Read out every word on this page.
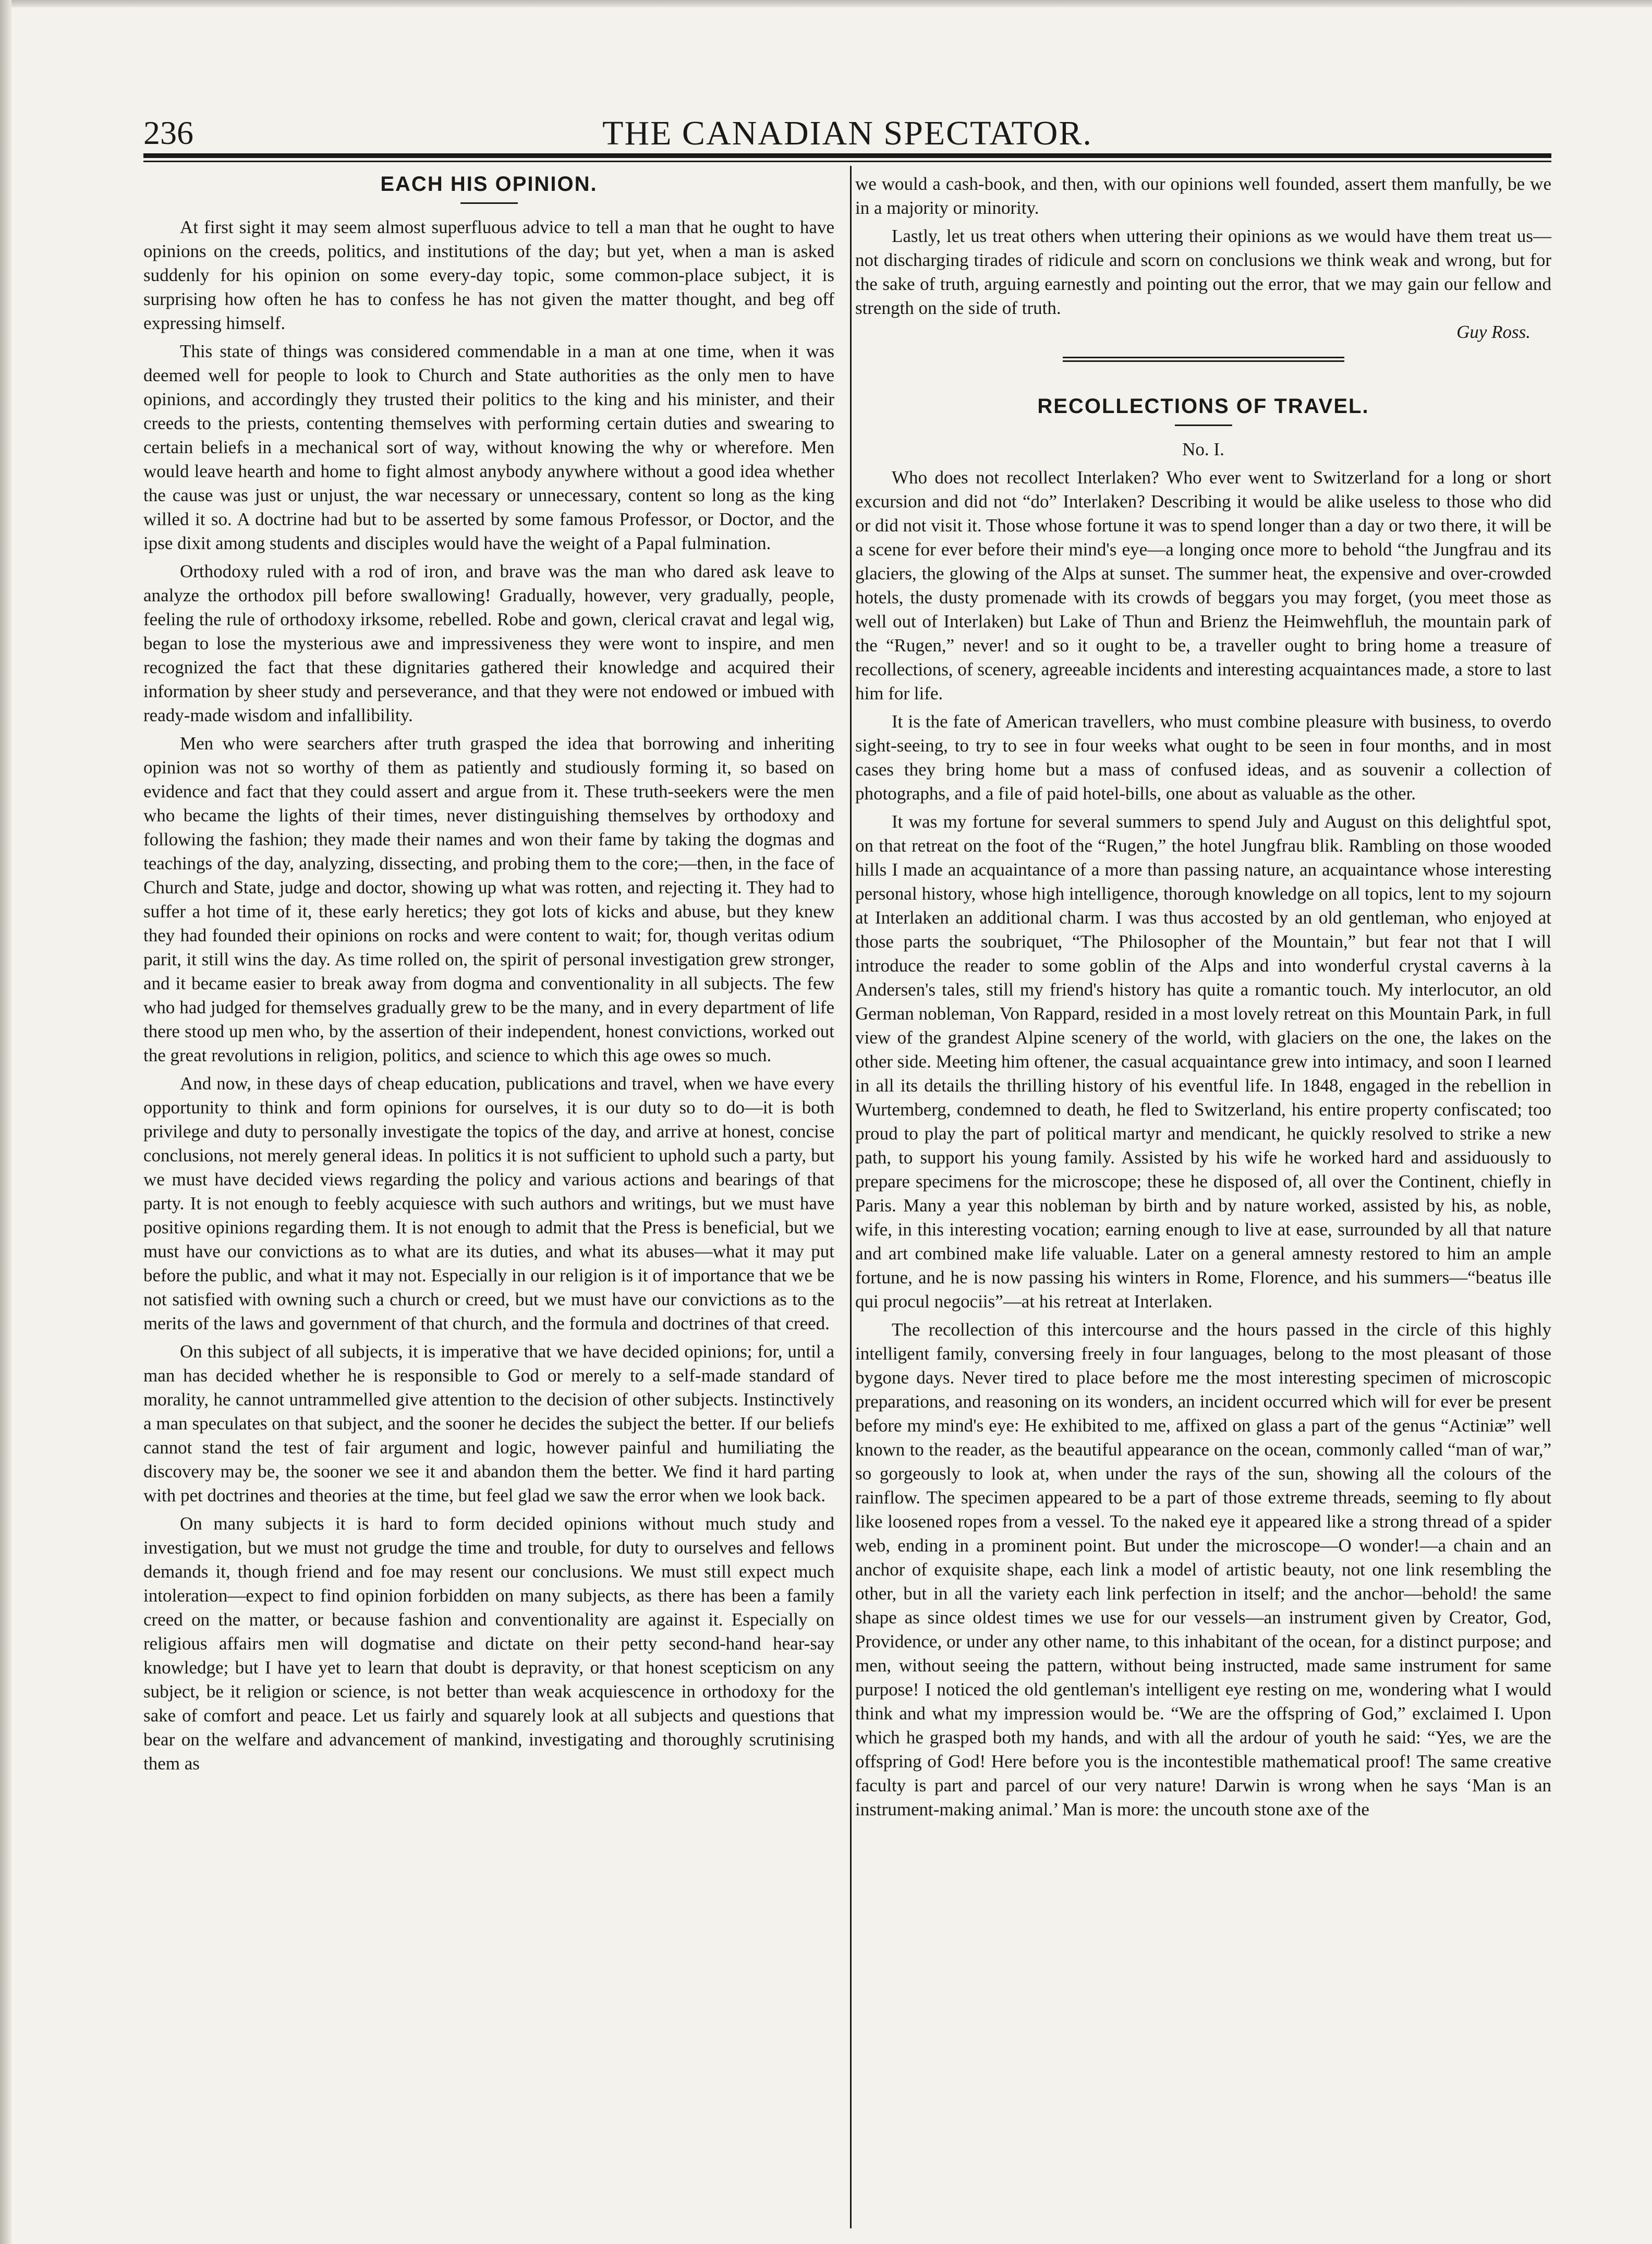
THE CANADIAN SPECTATOR.
236
EACH HIS OPINION.

At first sight it may seem almost superfluous advice to tell a man that he ought to have opinions on the creeds, politics, and institutions of the day; but yet, when a man is asked suddenly for his opinion on some every-day topic, some common-place subject, it is surprising how often he has to confess he has not given the matter thought, and beg off expressing himself.

This state of things was considered commendable in a man at one time, when it was deemed well for people to look to Church and State authorities as the only men to have opinions, and accordingly they trusted their politics to the king and his minister, and their creeds to the priests, contenting themselves with performing certain duties and swearing to certain beliefs in a mechanical sort of way, without knowing the why or wherefore. Men would leave hearth and home to fight almost anybody anywhere without a good idea whether the cause was just or unjust, the war necessary or unnecessary, content so long as the king willed it so. A doctrine had but to be asserted by some famous Professor, or Doctor, and the ipse dixit among students and disciples would have the weight of a Papal fulmination.

Orthodoxy ruled with a rod of iron, and brave was the man who dared ask leave to analyze the orthodox pill before swallowing! Gradually, however, very gradually, people, feeling the rule of orthodoxy irksome, rebelled. Robe and gown, clerical cravat and legal wig, began to lose the mysterious awe and impressiveness they were wont to inspire, and men recognized the fact that these dignitaries gathered their knowledge and acquired their information by sheer study and perseverance, and that they were not endowed or imbued with ready-made wisdom and infallibility.

Men who were searchers after truth grasped the idea that borrowing and inheriting opinion was not so worthy of them as patiently and studiously forming it, so based on evidence and fact that they could assert and argue from it. These truth-seekers were the men who became the lights of their times, never distinguishing themselves by orthodoxy and following the fashion; they made their names and won their fame by taking the dogmas and teachings of the day, analyzing, dissecting, and probing them to the core;—then, in the face of Church and State, judge and doctor, showing up what was rotten, and rejecting it. They had to suffer a hot time of it, these early heretics; they got lots of kicks and abuse, but they knew they had founded their opinions on rocks and were content to wait; for, though veritas odium parit, it still wins the day. As time rolled on, the spirit of personal investigation grew stronger, and it became easier to break away from dogma and conventionality in all subjects. The few who had judged for themselves gradually grew to be the many, and in every department of life there stood up men who, by the assertion of their independent, honest convictions, worked out the great revolutions in religion, politics, and science to which this age owes so much.

And now, in these days of cheap education, publications and travel, when we have every opportunity to think and form opinions for ourselves, it is our duty so to do—it is both privilege and duty to personally investigate the topics of the day, and arrive at honest, concise conclusions, not merely general ideas. In politics it is not sufficient to uphold such a party, but we must have decided views regarding the policy and various actions and bearings of that party. It is not enough to feebly acquiesce with such authors and writings, but we must have positive opinions regarding them. It is not enough to admit that the Press is beneficial, but we must have our convictions as to what are its duties, and what its abuses—what it may put before the public, and what it may not. Especially in our religion is it of importance that we be not satisfied with owning such a church or creed, but we must have our convictions as to the merits of the laws and government of that church, and the formula and doctrines of that creed.

On this subject of all subjects, it is imperative that we have decided opinions; for, until a man has decided whether he is responsible to God or merely to a self-made standard of morality, he cannot untrammelled give attention to the decision of other subjects. Instinctively a man speculates on that subject, and the sooner he decides the subject the better. If our beliefs cannot stand the test of fair argument and logic, however painful and humiliating the discovery may be, the sooner we see it and abandon them the better. We find it hard parting with pet doctrines and theories at the time, but feel glad we saw the error when we look back.

On many subjects it is hard to form decided opinions without much study and investigation, but we must not grudge the time and trouble, for duty to ourselves and fellows demands it, though friend and foe may resent our conclusions. We must still expect much intoleration—expect to find opinion forbidden on many subjects, as there has been a family creed on the matter, or because fashion and conventionality are against it. Especially on religious affairs men will dogmatise and dictate on their petty second-hand hear-say knowledge; but I have yet to learn that doubt is depravity, or that honest scepticism on any subject, be it religion or science, is not better than weak acquiescence in orthodoxy for the sake of comfort and peace. Let us fairly and squarely look at all subjects and questions that bear on the welfare and advancement of mankind, investigating and thoroughly scrutinising them as

we would a cash-book, and then, with our opinions well founded, assert them manfully, be we in a majority or minority.

Lastly, let us treat others when uttering their opinions as we would have them treat us—not discharging tirades of ridicule and scorn on conclusions we think weak and wrong, but for the sake of truth, arguing earnestly and pointing out the error, that we may gain our fellow and strength on the side of truth.

Guy Ross.
RECOLLECTIONS OF TRAVEL.
No. I.

Who does not recollect Interlaken? Who ever went to Switzerland for a long or short excursion and did not “do” Interlaken? Describing it would be alike useless to those who did or did not visit it. Those whose fortune it was to spend longer than a day or two there, it will be a scene for ever before their mind's eye—a longing once more to behold “the Jungfrau and its glaciers, the glowing of the Alps at sunset. The summer heat, the expensive and over-crowded hotels, the dusty promenade with its crowds of beggars you may forget, (you meet those as well out of Interlaken) but Lake of Thun and Brienz the Heimwehfluh, the mountain park of the “Rugen,” never! and so it ought to be, a traveller ought to bring home a treasure of recollections, of scenery, agreeable incidents and interesting acquaintances made, a store to last him for life.

It is the fate of American travellers, who must combine pleasure with business, to overdo sight-seeing, to try to see in four weeks what ought to be seen in four months, and in most cases they bring home but a mass of confused ideas, and as souvenir a collection of photographs, and a file of paid hotel-bills, one about as valuable as the other.

It was my fortune for several summers to spend July and August on this delightful spot, on that retreat on the foot of the “Rugen,” the hotel Jungfrau blik. Rambling on those wooded hills I made an acquaintance of a more than passing nature, an acquaintance whose interesting personal history, whose high intelligence, thorough knowledge on all topics, lent to my sojourn at Interlaken an additional charm. I was thus accosted by an old gentleman, who enjoyed at those parts the soubriquet, “The Philosopher of the Mountain,” but fear not that I will introduce the reader to some goblin of the Alps and into wonderful crystal caverns à la Andersen's tales, still my friend's history has quite a romantic touch. My interlocutor, an old German nobleman, Von Rappard, resided in a most lovely retreat on this Mountain Park, in full view of the grandest Alpine scenery of the world, with glaciers on the one, the lakes on the other side. Meeting him oftener, the casual acquaintance grew into intimacy, and soon I learned in all its details the thrilling history of his eventful life. In 1848, engaged in the rebellion in Wurtemberg, condemned to death, he fled to Switzerland, his entire property confiscated; too proud to play the part of political martyr and mendicant, he quickly resolved to strike a new path, to support his young family. Assisted by his wife he worked hard and assiduously to prepare specimens for the microscope; these he disposed of, all over the Continent, chiefly in Paris. Many a year this nobleman by birth and by nature worked, assisted by his, as noble, wife, in this interesting vocation; earning enough to live at ease, surrounded by all that nature and art combined make life valuable. Later on a general amnesty restored to him an ample fortune, and he is now passing his winters in Rome, Florence, and his summers—“beatus ille qui procul negociis”—at his retreat at Interlaken.

The recollection of this intercourse and the hours passed in the circle of this highly intelligent family, conversing freely in four languages, belong to the most pleasant of those bygone days. Never tired to place before me the most interesting specimen of microscopic preparations, and reasoning on its wonders, an incident occurred which will for ever be present before my mind's eye: He exhibited to me, affixed on glass a part of the genus “Actiniæ” well known to the reader, as the beautiful appearance on the ocean, commonly called “man of war,” so gorgeously to look at, when under the rays of the sun, showing all the colours of the rainflow. The specimen appeared to be a part of those extreme threads, seeming to fly about like loosened ropes from a vessel. To the naked eye it appeared like a strong thread of a spider web, ending in a prominent point. But under the microscope—O wonder!—a chain and an anchor of exquisite shape, each link a model of artistic beauty, not one link resembling the other, but in all the variety each link perfection in itself; and the anchor—behold! the same shape as since oldest times we use for our vessels—an instrument given by Creator, God, Providence, or under any other name, to this inhabitant of the ocean, for a distinct purpose; and men, without seeing the pattern, without being instructed, made same instrument for same purpose! I noticed the old gentleman's intelligent eye resting on me, wondering what I would think and what my impression would be. “We are the offspring of God,” exclaimed I. Upon which he grasped both my hands, and with all the ardour of youth he said: “Yes, we are the offspring of God! Here before you is the incontestible mathematical proof! The same creative faculty is part and parcel of our very nature! Darwin is wrong when he says ‘Man is an instrument-making animal.’ Man is more: the uncouth stone axe of the
